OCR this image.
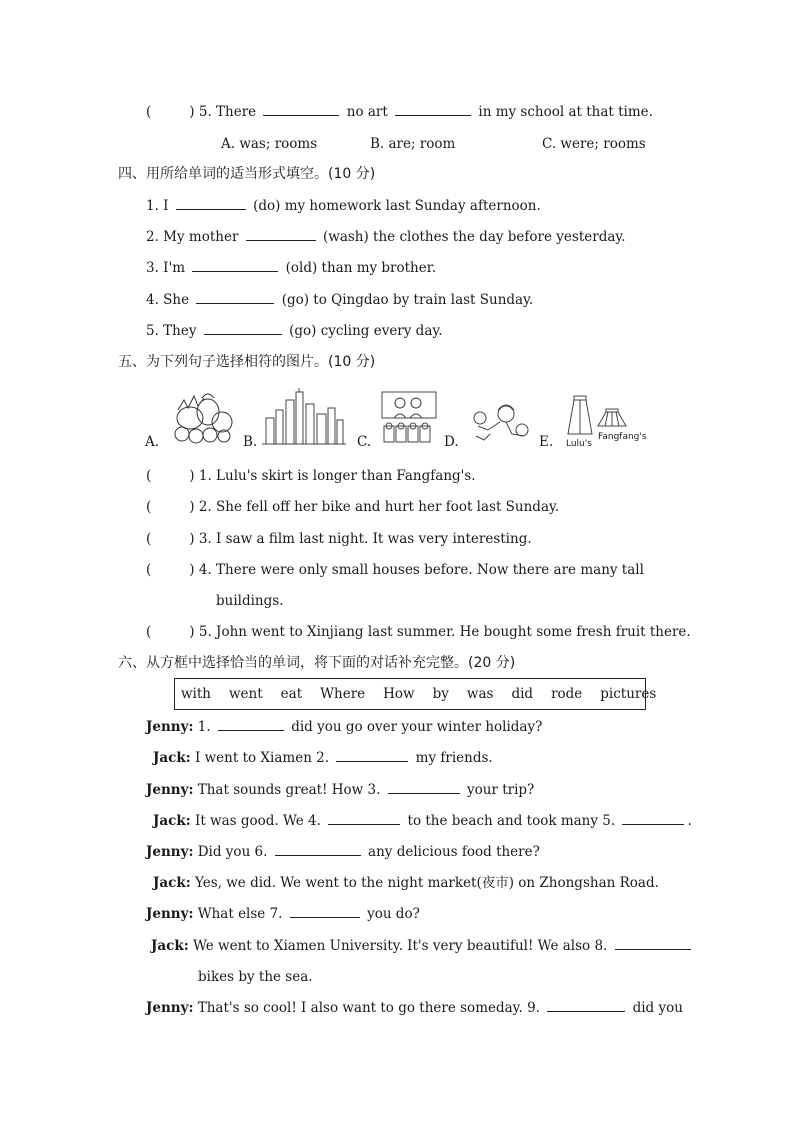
(	) 5. There	no art	in my school at that time.
A. was; rooms	B. are; room	C. were; rooms
四、用所给单词的适当形式填空。(10 分)
1. I	(do) my homework last Sunday afternoon.
2. My mother	(wash) the clothes the day before yesterday.
3. I'm	(old) than my brother.
4. She	(go) to Qingdao by train last Sunday.
5. They	(go) cycling every day.
五、为下列句子选择相符的图片。(10 分)
A.	B.	C.	D.	E. Lulu's
Fangfang's
(	) 1. Lulu's skirt is longer than Fangfang's.
(	) 2. She fell off her bike and hurt her foot last Sunday.
(	) 3. I saw a film last night. It was very interesting.
(	) 4. There were only small houses before. Now there are many tall
buildings.
(	) 5. John went to Xinjiang last summer. He bought some fresh fruit there.
六、从方框中选择恰当的单词，将下面的对话补充完整。(20 分)
with went eat Where How by was did rode pictures
Jenny: 1.	did you go over your winter holiday?
Jack: I went to Xiamen 2.	my friends.
Jenny: That sounds great! How 3.	your trip?
Jack: It was good. We 4.	to the beach and took many 5.	.
Jenny: Did you 6.	any delicious food there?
Jack: Yes, we did. We went to the night market(夜市) on Zhongshan Road.
Jenny: What else 7.	you do?
Jack: We went to Xiamen University. It's very beautiful! We also 8.
bikes by the sea.
Jenny: That's so cool! I also want to go there someday. 9.	did you
